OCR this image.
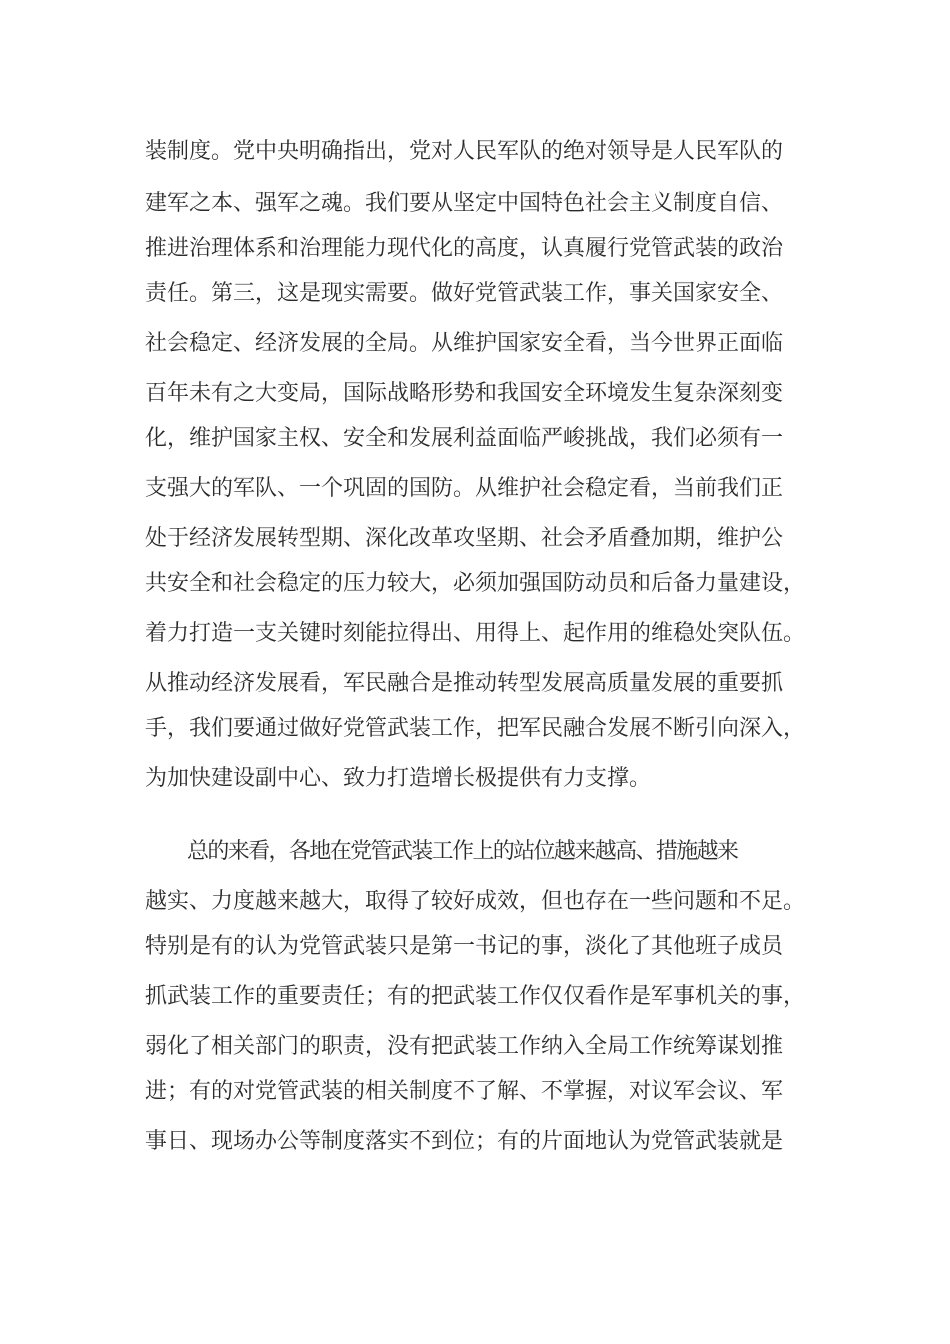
装制度。党中央明确指出，党对人民军队的绝对领导是人民军队的
建军之本、强军之魂。我们要从坚定中国特色社会主义制度自信、
推进治理体系和治理能力现代化的高度，认真履行党管武装的政治
责任。第三，这是现实需要。做好党管武装工作，事关国家安全、
社会稳定、经济发展的全局。从维护国家安全看，当今世界正面临
百年未有之大变局，国际战略形势和我国安全环境发生复杂深刻变
化，维护国家主权、安全和发展利益面临严峻挑战，我们必须有一
支强大的军队、一个巩固的国防。从维护社会稳定看，当前我们正
处于经济发展转型期、深化改革攻坚期、社会矛盾叠加期，维护公
共安全和社会稳定的压力较大，必须加强国防动员和后备力量建设，
着力打造一支关键时刻能拉得出、用得上、起作用的维稳处突队伍。
从推动经济发展看，军民融合是推动转型发展高质量发展的重要抓
手，我们要通过做好党管武装工作，把军民融合发展不断引向深入，
为加快建设副中心、致力打造增长极提供有力支撑。
总的来看，各地在党管武装工作上的站位越来越高、措施越来
越实、力度越来越大，取得了较好成效，但也存在一些问题和不足。
特别是有的认为党管武装只是第一书记的事，淡化了其他班子成员
抓武装工作的重要责任；有的把武装工作仅仅看作是军事机关的事，
弱化了相关部门的职责，没有把武装工作纳入全局工作统筹谋划推
进；有的对党管武装的相关制度不了解、不掌握，对议军会议、军
事日、现场办公等制度落实不到位；有的片面地认为党管武装就是
